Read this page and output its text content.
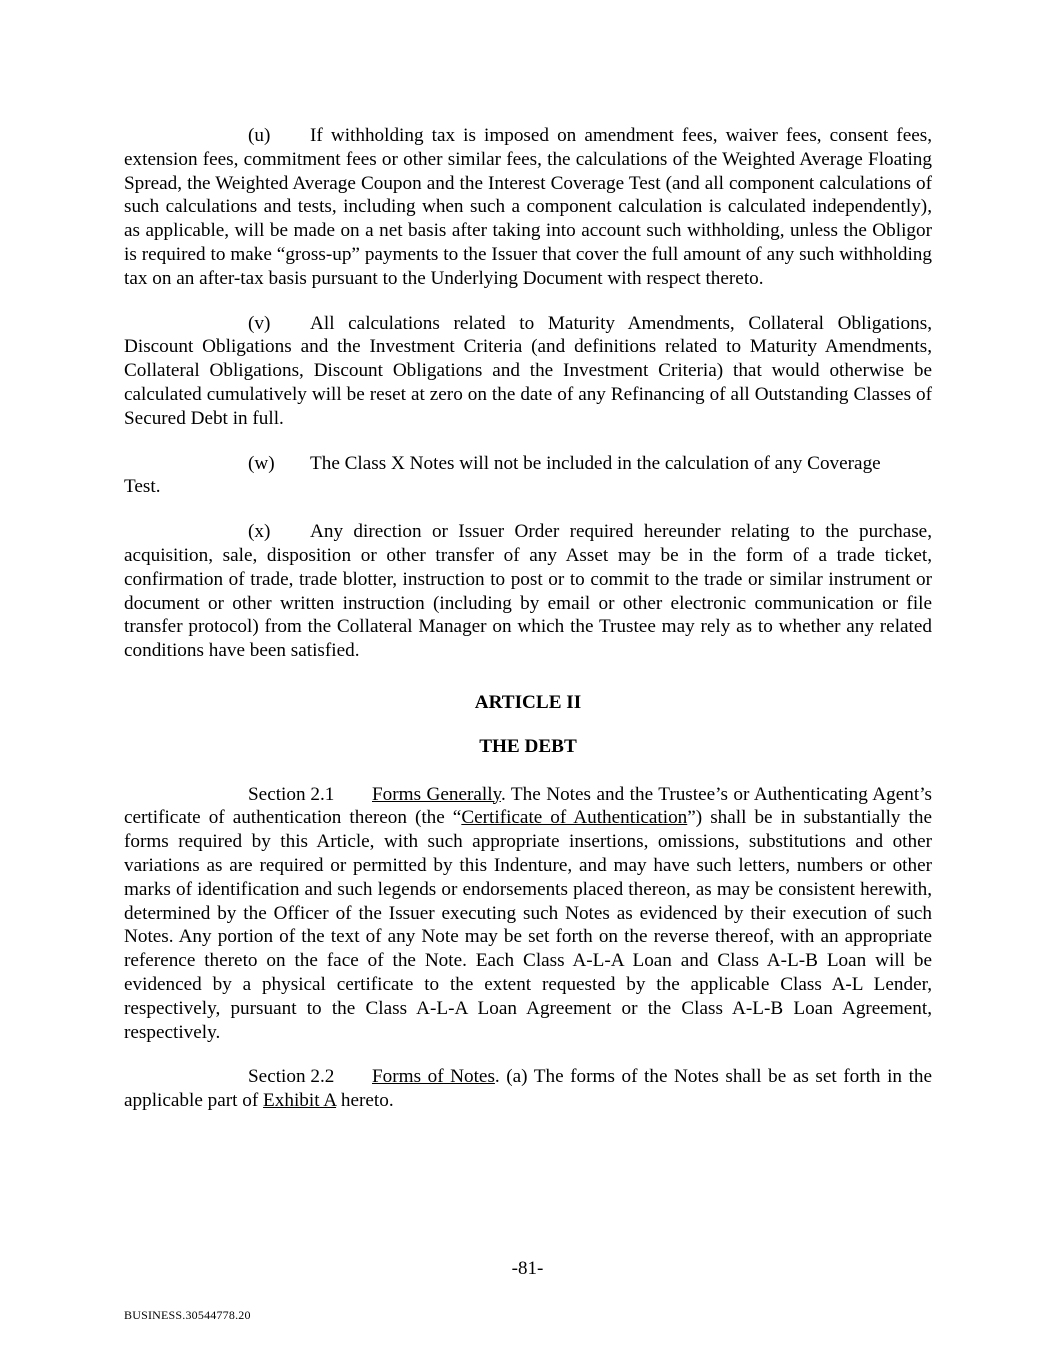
(u) If withholding tax is imposed on amendment fees, waiver fees, consent fees, extension fees, commitment fees or other similar fees, the calculations of the Weighted Average Floating Spread, the Weighted Average Coupon and the Interest Coverage Test (and all component calculations of such calculations and tests, including when such a component calculation is calculated independently), as applicable, will be made on a net basis after taking into account such withholding, unless the Obligor is required to make “gross-up” payments to the Issuer that cover the full amount of any such withholding tax on an after-tax basis pursuant to the Underlying Document with respect thereto.

(v) All calculations related to Maturity Amendments, Collateral Obligations, Discount Obligations and the Investment Criteria (and definitions related to Maturity Amendments, Collateral Obligations, Discount Obligations and the Investment Criteria) that would otherwise be calculated cumulatively will be reset at zero on the date of any Refinancing of all Outstanding Classes of Secured Debt in full.

(w)	The Class X Notes will not be included in the calculation of any Coverage
Test.

(x) Any direction or Issuer Order required hereunder relating to the purchase, acquisition, sale, disposition or other transfer of any Asset may be in the form of a trade ticket, confirmation of trade, trade blotter, instruction to post or to commit to the trade or similar instrument or document or other written instruction (including by email or other electronic communication or file transfer protocol) from the Collateral Manager on which the Trustee may rely as to whether any related conditions have been satisfied.

ARTICLE II

THE DEBT

Section 2.1 Forms Generally. The Notes and the Trustee’s or Authenticating Agent’s certificate of authentication thereon (the “Certificate of Authentication”) shall be in substantially the forms required by this Article, with such appropriate insertions, omissions, substitutions and other variations as are required or permitted by this Indenture, and may have such letters, numbers or other marks of identification and such legends or endorsements placed thereon, as may be consistent herewith, determined by the Officer of the Issuer executing such Notes as evidenced by their execution of such Notes. Any portion of the text of any Note may be set forth on the reverse thereof, with an appropriate reference thereto on the face of the Note. Each Class A-L-A Loan and Class A-L-B Loan will be evidenced by a physical certificate to the extent requested by the applicable Class A-L Lender, respectively, pursuant to the Class A-L-A Loan Agreement or the Class A-L-B Loan Agreement, respectively.

Section 2.2 Forms of Notes. (a) The forms of the Notes shall be as set forth in the applicable part of Exhibit A hereto.

-81-
BUSINESS.30544778.20
